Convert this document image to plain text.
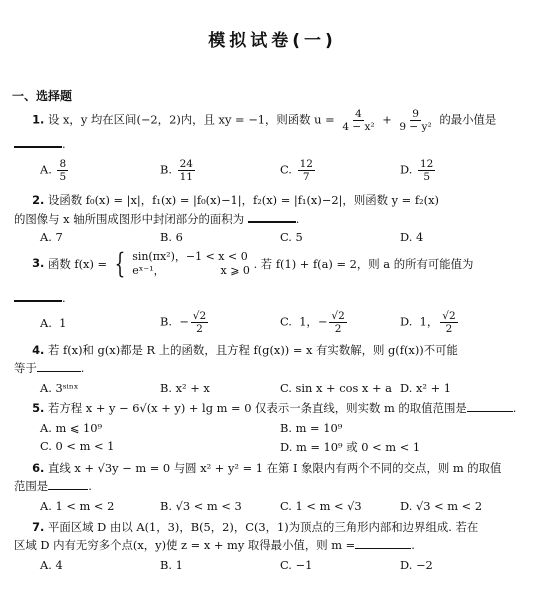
模拟试卷(一)
一、选择题
1. 设 x，y 均在区间(−2，2)内，且 xy = −1，则函数 $u = \frac{4}{\text{4 − x²}} + \frac{9}{\text{9 − y²}}$ 的最小值是
.
A. $\frac{8}{5}$	B. $\frac{24}{11}$	C. $\frac{12}{7}$	D. $\frac{12}{5}$
2. 设函数 f₀(x) = |x|，f₁(x) = |f₀(x)−1|，f₂(x) = |f₁(x)−2|，则函数 y = f₂(x)
的图像与 x 轴所围成图形中封闭部分的面积为	.
A. 7	B. 6	C. 5	D. 4
3. 函数 f(x) = { sin(πx²)，−1 < x < 0
eˣ⁻¹，                x ⩾ 0 . 若 f(1) + f(a) = 2，则 a 的所有可能值为
.
A. 1	B. − $\frac{√2}{2}$	C. 1，− $\frac{√2}{2}$	D. 1， $\frac{√2}{2}$
4. 若 f(x)和 g(x)都是 R 上的函数，且方程 f(g(x)) = x 有实数解，则 g(f(x))不可能
等于	.
A. 3ˢⁱⁿˣ	B. x² + x	C. sin x + cos x + a D. x² + 1
5. 若方程 x + y − 6√(x + y) + lg m = 0 仅表示一条直线，则实数 m 的取值范围是	.
A. m ⩽ 10⁹	B. m = 10⁹
C. 0 < m < 1	D. m = 10⁹ 或 0 < m < 1
6. 直线 x + √3y − m = 0 与圆 x² + y² = 1 在第 Ⅰ 象限内有两个不同的交点，则 m 的取值
范围是	.
A. 1 < m < 2	B. √3 < m < 3	C. 1 < m < √3	D. √3 < m < 2
7. 平面区域 D 由以 A(1，3)，B(5，2)，C(3，1)为顶点的三角形内部和边界组成. 若在
区域 D 内有无穷多个点(x，y)使 z = x + my 取得最小值，则 m =	.
A. 4	B. 1	C. −1	D. −2
